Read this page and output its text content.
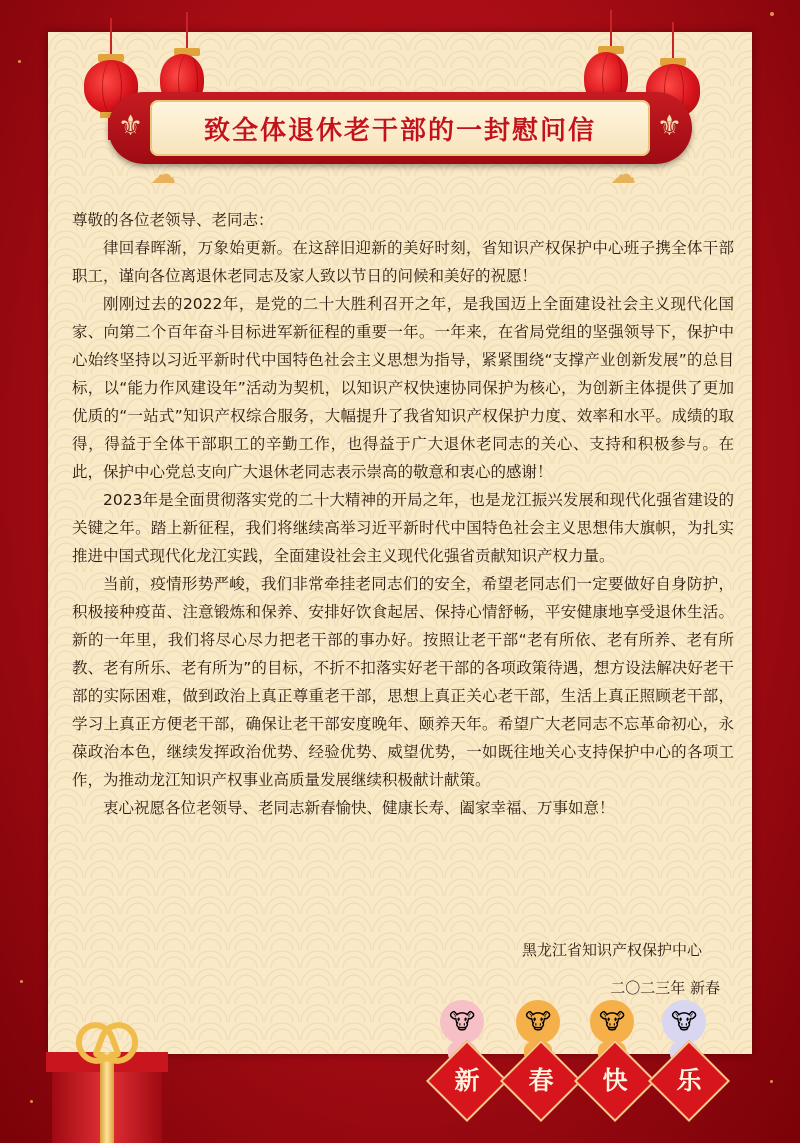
⚜ 致全体退休老干部的一封慰问信 ⚜
☁	☁

尊敬的各位老领导、老同志：

律回春晖渐，万象始更新。在这辞旧迎新的美好时刻，省知识产权保护中心班子携全体干部职工，谨向各位离退休老同志及家人致以节日的问候和美好的祝愿！

刚刚过去的2022年，是党的二十大胜利召开之年，是我国迈上全面建设社会主义现代化国家、向第二个百年奋斗目标进军新征程的重要一年。一年来，在省局党组的坚强领导下，保护中心始终坚持以习近平新时代中国特色社会主义思想为指导，紧紧围绕“支撑产业创新发展”的总目标，以“能力作风建设年”活动为契机，以知识产权快速协同保护为核心，为创新主体提供了更加优质的“一站式”知识产权综合服务，大幅提升了我省知识产权保护力度、效率和水平。成绩的取得，得益于全体干部职工的辛勤工作，也得益于广大退休老同志的关心、支持和积极参与。在此，保护中心党总支向广大退休老同志表示崇高的敬意和衷心的感谢！

2023年是全面贯彻落实党的二十大精神的开局之年，也是龙江振兴发展和现代化强省建设的关键之年。踏上新征程，我们将继续高举习近平新时代中国特色社会主义思想伟大旗帜，为扎实推进中国式现代化龙江实践，全面建设社会主义现代化强省贡献知识产权力量。

当前，疫情形势严峻，我们非常牵挂老同志们的安全，希望老同志们一定要做好自身防护，积极接种疫苗、注意锻炼和保养、安排好饮食起居、保持心情舒畅，平安健康地享受退休生活。新的一年里，我们将尽心尽力把老干部的事办好。按照让老干部“老有所依、老有所养、老有所教、老有所乐、老有所为”的目标，不折不扣落实好老干部的各项政策待遇，想方设法解决好老干部的实际困难，做到政治上真正尊重老干部，思想上真正关心老干部，生活上真正照顾老干部，学习上真正方便老干部，确保让老干部安度晚年、颐养天年。希望广大老同志不忘革命初心，永葆政治本色，继续发挥政治优势、经验优势、威望优势，一如既往地关心支持保护中心的各项工作，为推动龙江知识产权事业高质量发展继续积极献计献策。

衷心祝愿各位老领导、老同志新春愉快、健康长寿、阖家幸福、万事如意！

黑龙江省知识产权保护中心
二〇二三年 新春
🐮	🐮	🐮	🐮
新	春	快	乐
